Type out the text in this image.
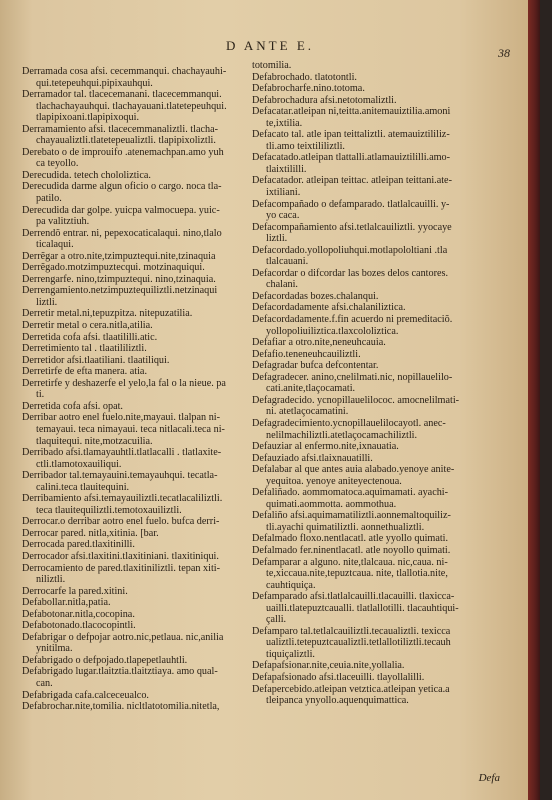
D ANTE E.	38
Derramada cosa afsi. cecemmanqui. chachayauhi-
qui.tetepeuhqui.pipixauhqui.
Derramador tal. tlacecemanani. tlacecemmanqui.
tlachachayauhqui. tlachayauani.tlatetepeuhqui.
tlapipixoani.tlapipixoqui.
Derramamiento afsi. tlacecemmanaliztli. tlacha-
chayaualiztli.tlatetepeualiztli. tlapipixoliztli.
Derebato o de improuifo .atenemachpan.amo yuh
ca teyollo.
Derecudida. tetech chololiztica.
Derecudida darme algun oficio o cargo. noca tla-
patilo.
Derecudida dar golpe. yuicpa valmocuepa. yuic-
pa valitztiuh.
Derrendõ entrar. ni, pepexocaticalaqui. nino,tlalo
ticalaqui.
Derrẽgar a otro.nite,tzimpuztequi.nite,tzinaquia
Derrẽgado.motzimpuztecqui. motzinaquiqui.
Derrengarfe. nino,tzimpuztequi. nino,tzinaquia.
Derrengamiento.netzimpuztequiliztli.netzinaqui
liztli.
Derretir metal.ni,tepuzpitza. nitepuzatilia.
Derretir metal o cera.nitla,atilia.
Derretida cofa afsi. tlaatililli.atic.
Derretimiento tal . tlaatililiztli.
Derretidor afsi.tlaatiliani. tlaatiliqui.
Derretirfe de efta manera. atia.
Derretirfe y deshazerfe el yelo,la fal o la nieue. pa
ti.
Derretida cofa afsi. opat.
Derribar aotro enel fuelo.nite,mayaui. tlalpan ni-
temayaui. teca nimayaui. teca nitlacali.teca ni-
tlaquitequi. nite,motzacuilia.
Derribado afsi.tlamayauhtli.tlatlacalli . tlatlaxite-
ctli.tlamotoxauiliqui.
Derribador tal.temayauini.temayauhqui. tecatla-
calini.teca tlauitequini.
Derribamiento afsi.temayauiliztli.tecatlacaliliztli.
teca tlauitequiliztli.temotoxauiliztli.
Derrocar.o derribar aotro enel fuelo. bufca derri-
Derrocar pared. nitla,xitinia. [bar.
Derrocada pared.tlaxitinilli.
Derrocador afsi.tlaxitini.tlaxitiniani. tlaxitiniqui.
Derrocamiento de pared.tlaxitiniliztli. tepan xiti-
niliztli.
Derrocarfe la pared.xitini.
Defabollar.nitla,patia.
Defabotonar.nitla,cocopina.
Defabotonado.tlacocopintli.
Defabrigar o defpojar aotro.nic,petlaua. nic,anilia
ynitilma.
Defabrigado o defpojado.tlapepetlauhtli.
Defabrigado lugar.tlaitztia.tlaitztiaya. amo qual-
can.
Defabrigada cafa.calceceualco.
Defabrochar.nite,tomilia. nicltlatotomilia.nitetla,
totomilia.
Defabrochado. tlatotontli.
Defabrocharfe.nino.totoma.
Defabrochadura afsi.netotomaliztli.
Defacatar.atleipan ni,teitta.anitemauiztilia.amoni
te,ixtilia.
Defacato tal. atle ipan teittaliztli. atemauiztililiz-
tli.amo teixtililiztli.
Defacatado.atleipan tlattalli.atlamauiztililli.amo-
tlaixtililli.
Defacatador. atleipan teittac. atleipan teittani.ate-
ixtiliani.
Defacompañado o defamparado. tlatlalcauilli. y-
yo caca.
Defacompañamiento afsi.tetlalcauiliztli. yyocaye
liztli.
Defacordado.yollopoliuhqui.motlapololtiani .tla
tlalcauani.
Defacordar o difcordar las bozes delos cantores.
chalani.
Defacordadas bozes.chalanqui.
Defacordadamente afsi.chalaniliztica.
Defacordadamente.f.fin acuerdo ni premeditaciõ.
yollopoliuiliztica.tlaxcololiztica.
Defafiar a otro.nite,neneuhcauia.
Defafio.teneneuhcauiliztli.
Defagradar bufca defcontentar.
Defagradecer. anino,cnelilmati.nic, nopillauelilo-
cati.anite,tlaçocamati.
Defagradecido. ycnopillauelilococ. amocnelilmati-
ni. atetlaçocamatini.
Defagradecimiento.ycnopillauelilocayotl. anec-
nelilmachiliztli.atetlaçocamachiliztli.
Defauziar al enfermo.nite,ixnauatia.
Defauziado afsi.tlaixnauatilli.
Defalabar al que antes auia alabado.yenoye anite-
yequitoa. yenoye aniteyectenoua.
Defaliñado. aommomatoca.aquimamati. ayachi-
quimati.aommotta. aommothua.
Defaliño afsi.aquimamatiliztli.aonnemaltoquiliz-
tli.ayachi quimatiliztli. aonnethualiztli.
Defalmado floxo.nentlacatl. atle yyollo quimati.
Defalmado fer.ninentlacatl. atle noyollo quimati.
Defamparar a alguno. nite,tlalcaua. nic,caua. ni-
te,xiccaua.nite,tepuztcaua. nite, tlallotia.nite,
cauhtiquiça.
Defamparado afsi.tlatlalcauilli.tlacauilli. tlaxicca-
uailli.tlatepuztcaualli. tlatlallotilli. tlacauhtiqui-
çalli.
Defamparo tal.tetlalcauiliztli.tecaualiztli. texicca
ualiztli.tetepuztcaualiztli.tetlallotiliztli.tecauh
tiquiçaliztli.
Defapafsionar.nite,ceuia.nite,yollalia.
Defapafsionado afsi.tlaceuilli. tlayollalilli.
Defapercebido.atleipan vetztica.atleipan yetica.a
tleipanca ynyollo.aquenquimattica.
Defa
